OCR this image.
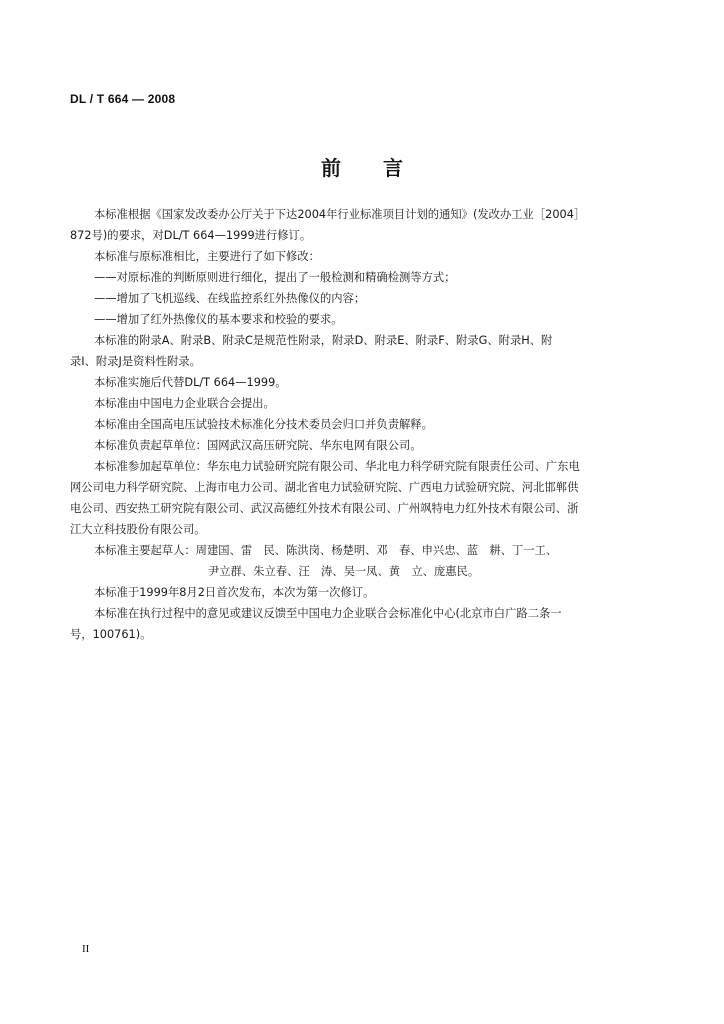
DL / T 664 — 2008
前言
本标准根据《国家发改委办公厅关于下达2004年行业标准项目计划的通知》(发改办工业［2004］
872号)的要求，对DL/T 664—1999进行修订。
本标准与原标准相比，主要进行了如下修改：
——对原标准的判断原则进行细化，提出了一般检测和精确检测等方式；
——增加了飞机巡线、在线监控系红外热像仪的内容；
——增加了红外热像仪的基本要求和校验的要求。
本标准的附录A、附录B、附录C是规范性附录，附录D、附录E、附录F、附录G、附录H、附
录I、附录J是资料性附录。
本标准实施后代替DL/T 664—1999。
本标准由中国电力企业联合会提出。
本标准由全国高电压试验技术标准化分技术委员会归口并负责解释。
本标准负责起草单位：国网武汉高压研究院、华东电网有限公司。
本标准参加起草单位：华东电力试验研究院有限公司、华北电力科学研究院有限责任公司、广东电
网公司电力科学研究院、上海市电力公司、湖北省电力试验研究院、广西电力试验研究院、河北邯郸供
电公司、西安热工研究院有限公司、武汉高德红外技术有限公司、广州飒特电力红外技术有限公司、浙
江大立科技股份有限公司。
本标准主要起草人：周建国、雷　民、陈洪岗、杨楚明、邓　春、申兴忠、蓝　耕、丁一工、
尹立群、朱立春、汪　涛、吴一凤、黄　立、庞惠民。
本标准于1999年8月2日首次发布，本次为第一次修订。
本标准在执行过程中的意见或建议反馈至中国电力企业联合会标准化中心(北京市白广路二条一
号，100761)。
II
